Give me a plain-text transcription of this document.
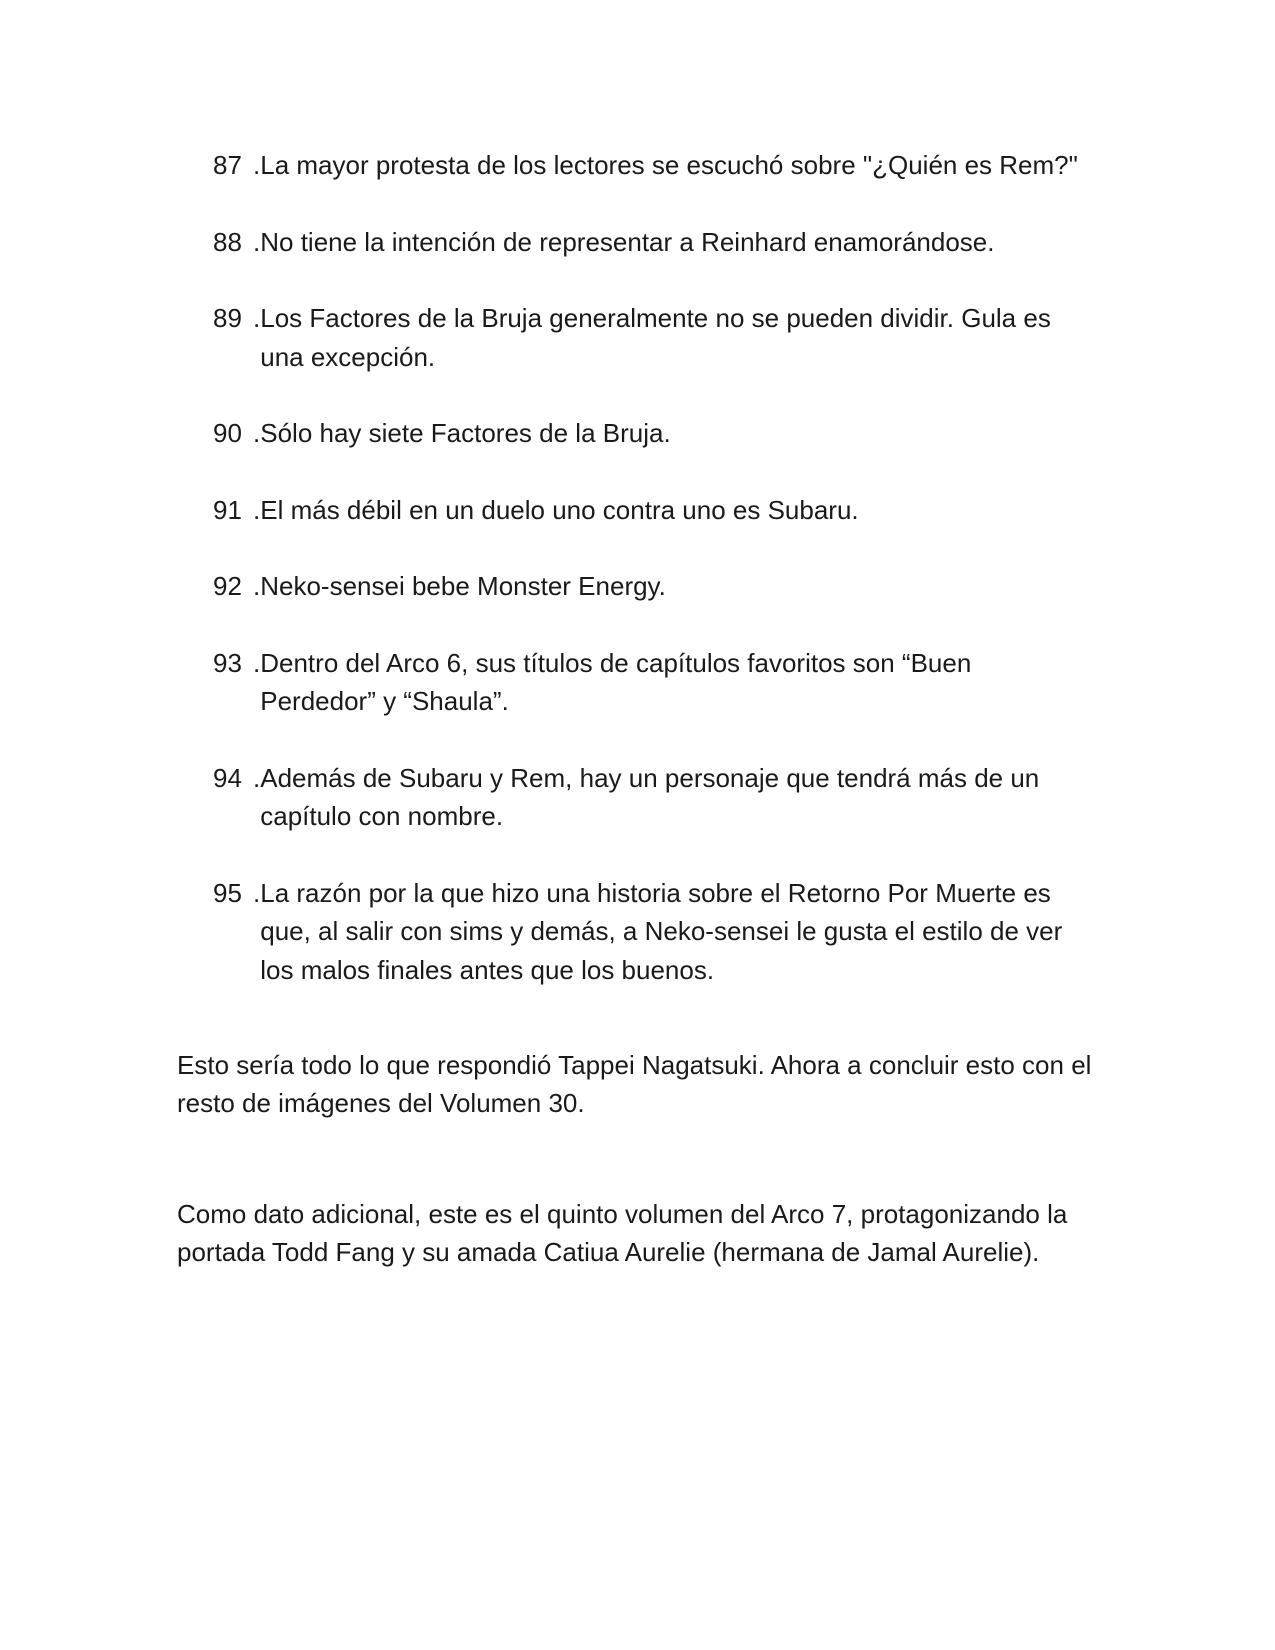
87 . La mayor protesta de los lectores se escuchó sobre "¿Quién es Rem?"
88 . No tiene la intención de representar a Reinhard enamorándose.
89 . Los Factores de la Bruja generalmente no se pueden dividir. Gula es una excepción.
90 . Sólo hay siete Factores de la Bruja.
91 . El más débil en un duelo uno contra uno es Subaru.
92 . Neko-sensei bebe Monster Energy.
93 . Dentro del Arco 6, sus títulos de capítulos favoritos son “Buen Perdedor” y “Shaula”.
94 . Además de Subaru y Rem, hay un personaje que tendrá más de un capítulo con nombre.
95 . La razón por la que hizo una historia sobre el Retorno Por Muerte es que, al salir con sims y demás, a Neko-sensei le gusta el estilo de ver los malos finales antes que los buenos.

Esto sería todo lo que respondió Tappei Nagatsuki. Ahora a concluir esto con el resto de imágenes del Volumen 30.

Como dato adicional, este es el quinto volumen del Arco 7, protagonizando la portada Todd Fang y su amada Catiua Aurelie (hermana de Jamal Aurelie).
